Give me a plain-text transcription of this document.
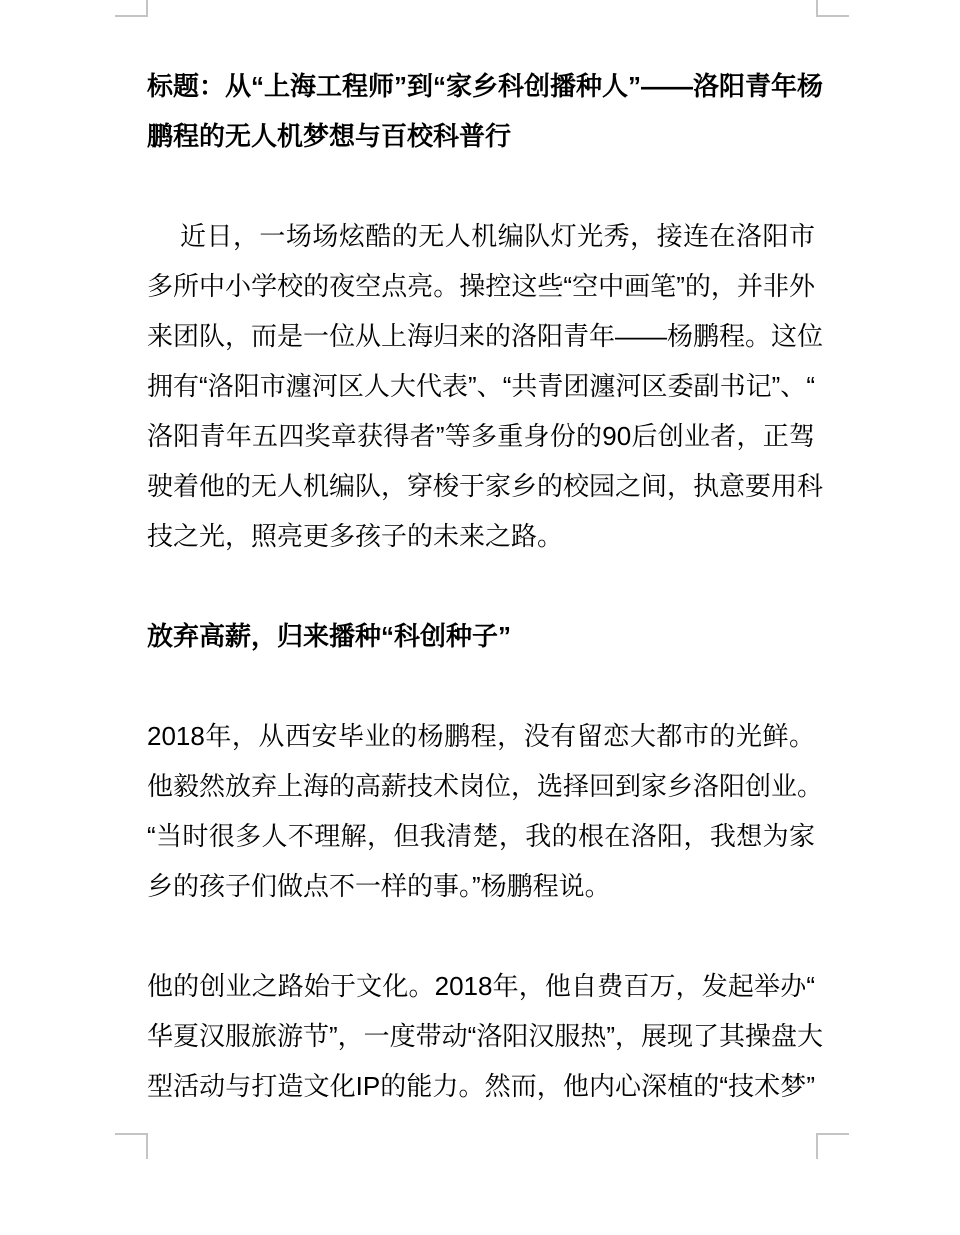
标题：从“上海工程师”到“家乡科创播种人”——洛阳青年杨
鹏程的无人机梦想与百校科普行
近日，一场场炫酷的无人机编队灯光秀，接连在洛阳市
多所中小学校的夜空点亮。操控这些“空中画笔”的，并非外
来团队，而是一位从上海归来的洛阳青年——杨鹏程。这位
拥有“洛阳市瀍河区人大代表”、“共青团瀍河区委副书记”、“
洛阳青年五四奖章获得者”等多重身份的90后创业者，正驾
驶着他的无人机编队，穿梭于家乡的校园之间，执意要用科
技之光，照亮更多孩子的未来之路。
放弃高薪，归来播种“科创种子”
2018年，从西安毕业的杨鹏程，没有留恋大都市的光鲜。
他毅然放弃上海的高薪技术岗位，选择回到家乡洛阳创业。
“当时很多人不理解，但我清楚，我的根在洛阳，我想为家
乡的孩子们做点不一样的事。”杨鹏程说。
他的创业之路始于文化。2018年，他自费百万，发起举办“
华夏汉服旅游节”，一度带动“洛阳汉服热”，展现了其操盘大
型活动与打造文化IP的能力。然而，他内心深植的“技术梦”
